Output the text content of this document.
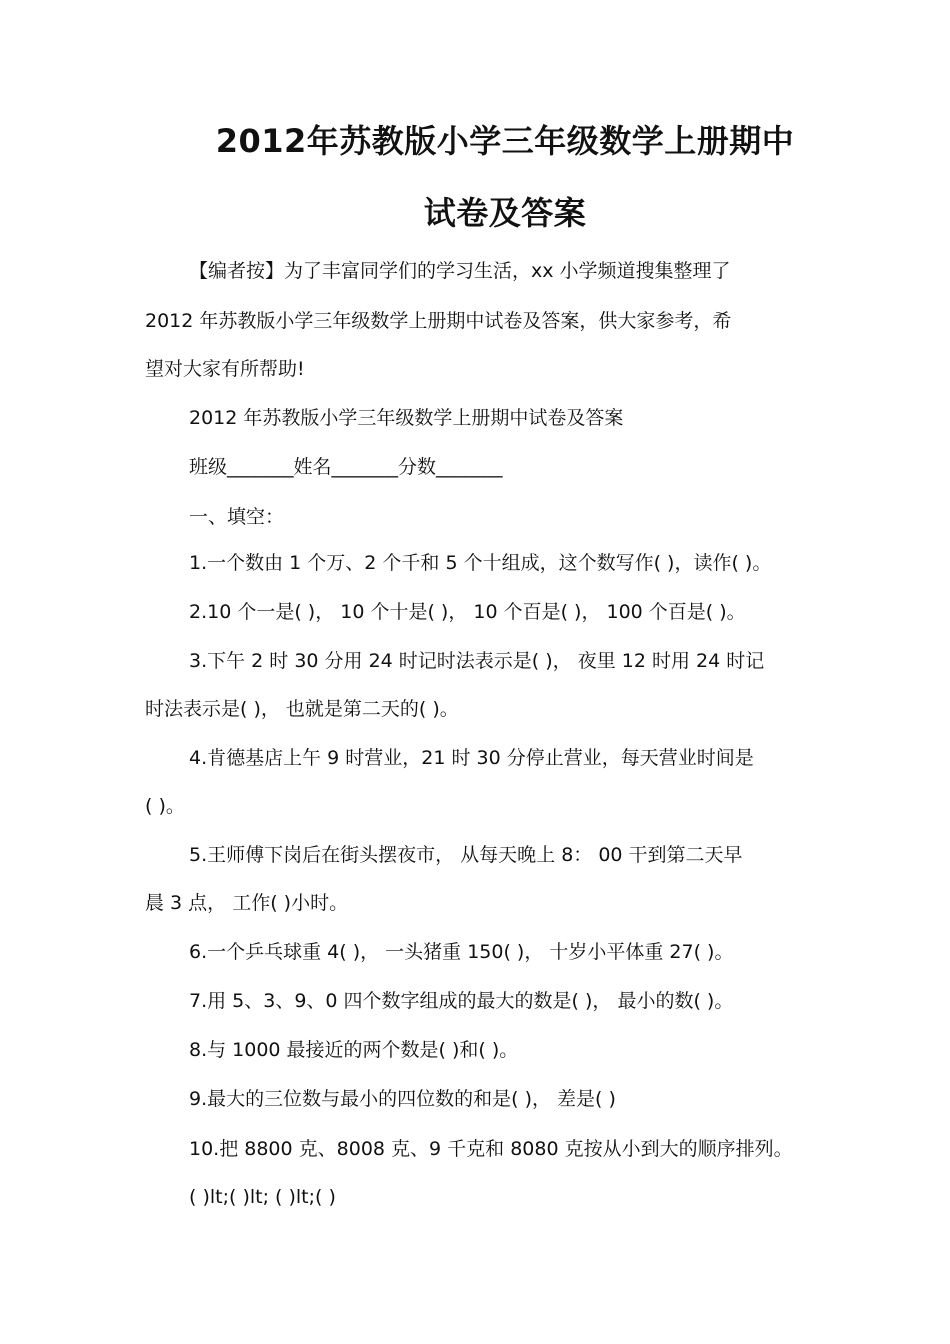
2012年苏教版小学三年级数学上册期中
试卷及答案
【编者按】为了丰富同学们的学习生活，xx 小学频道搜集整理了
2012 年苏教版小学三年级数学上册期中试卷及答案，供大家参考，希
望对大家有所帮助!
2012 年苏教版小学三年级数学上册期中试卷及答案
班级_______姓名_______分数_______
一、填空：
1.一个数由 1 个万、2 个千和 5 个十组成，这个数写作( )，读作( )。
2.10 个一是( )， 10 个十是( )， 10 个百是( )， 100 个百是( )。
3.下午 2 时 30 分用 24 时记时法表示是( )， 夜里 12 时用 24 时记
时法表示是( )， 也就是第二天的( )。
4.肯德基店上午 9 时营业，21 时 30 分停止营业，每天营业时间是
( )。
5.王师傅下岗后在街头摆夜市， 从每天晚上 8： 00 干到第二天早
晨 3 点， 工作( )小时。
6.一个乒乓球重 4( )， 一头猪重 150( )， 十岁小平体重 27( )。
7.用 5、3、9、0 四个数字组成的最大的数是( )， 最小的数( )。
8.与 1000 最接近的两个数是( )和( )。
9.最大的三位数与最小的四位数的和是( )， 差是( )
10.把 8800 克、8008 克、9 千克和 8080 克按从小到大的顺序排列。
( )lt;( )lt; ( )lt;( )
